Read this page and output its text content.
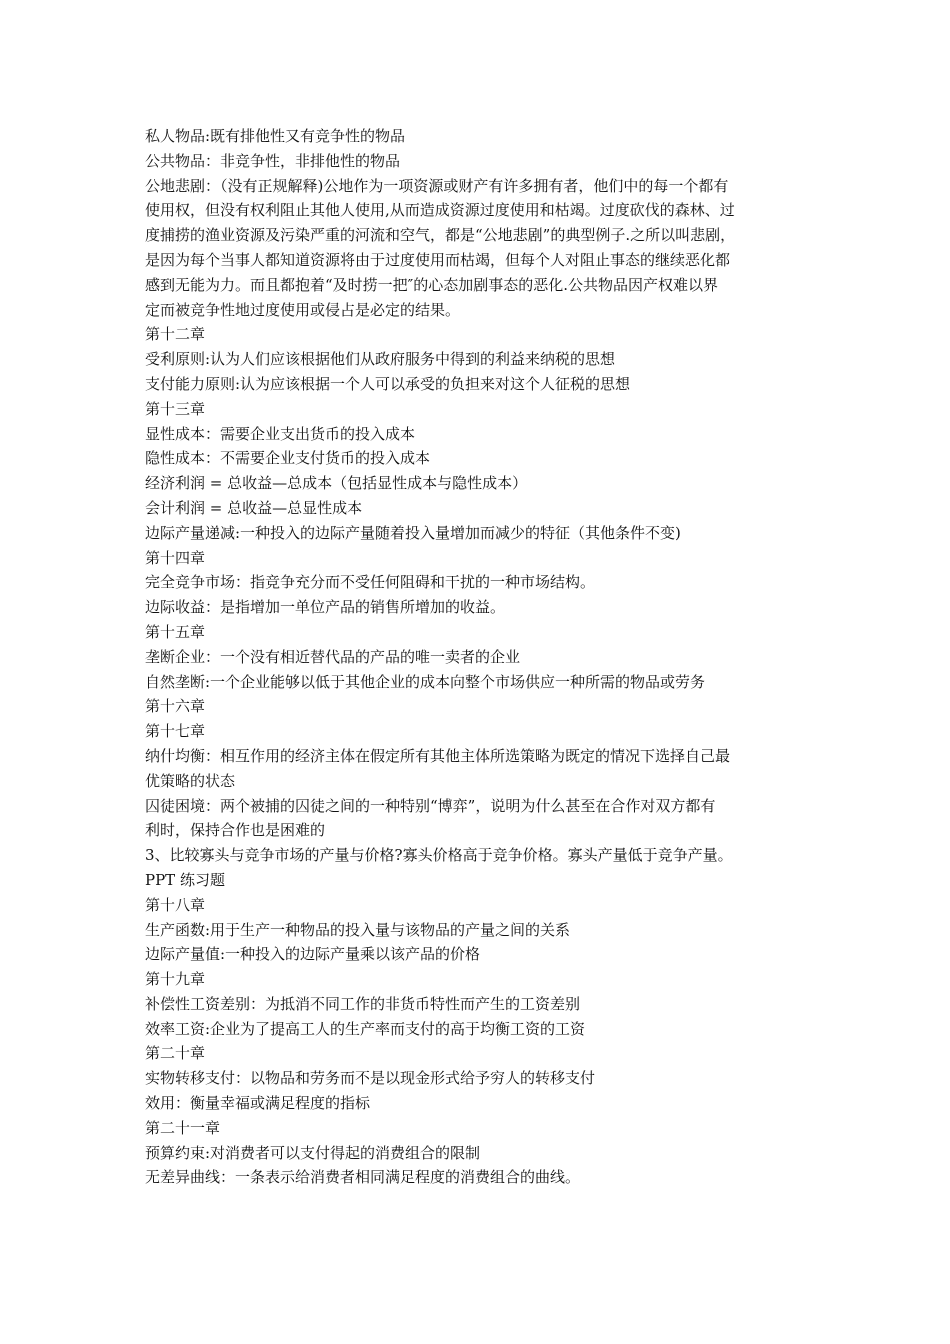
私人物品:既有排他性又有竞争性的物品
公共物品：非竞争性，非排他性的物品
公地悲剧：（没有正规解释)公地作为一项资源或财产有许多拥有者，他们中的每一个都有
使用权，但没有权利阻止其他人使用,从而造成资源过度使用和枯竭。过度砍伐的森林、过
度捕捞的渔业资源及污染严重的河流和空气，都是“公地悲剧”的典型例子.之所以叫悲剧，
是因为每个当事人都知道资源将由于过度使用而枯竭，但每个人对阻止事态的继续恶化都
感到无能为力。而且都抱着“及时捞一把″的心态加剧事态的恶化.公共物品因产权难以界
定而被竞争性地过度使用或侵占是必定的结果。
第十二章
受利原则:认为人们应该根据他们从政府服务中得到的利益来纳税的思想
支付能力原则:认为应该根据一个人可以承受的负担来对这个人征税的思想
第十三章
显性成本：需要企业支出货币的投入成本
隐性成本：不需要企业支付货币的投入成本
经济利润 = 总收益—总成本（包括显性成本与隐性成本）
会计利润 = 总收益—总显性成本
边际产量递减:一种投入的边际产量随着投入量增加而减少的特征（其他条件不变)
第十四章
完全竞争市场：指竞争充分而不受任何阻碍和干扰的一种市场结构。
边际收益：是指增加一单位产品的销售所增加的收益。
第十五章
垄断企业：一个没有相近替代品的产品的唯一卖者的企业
自然垄断:一个企业能够以低于其他企业的成本向整个市场供应一种所需的物品或劳务
第十六章
第十七章
纳什均衡：相互作用的经济主体在假定所有其他主体所选策略为既定的情况下选择自己最
优策略的状态
囚徒困境：两个被捕的囚徒之间的一种特别“博弈”，说明为什么甚至在合作对双方都有
利时，保持合作也是困难的
3、比较寡头与竞争市场的产量与价格?寡头价格高于竞争价格。寡头产量低于竞争产量。
PPT 练习题
第十八章
生产函数:用于生产一种物品的投入量与该物品的产量之间的关系
边际产量值:一种投入的边际产量乘以该产品的价格
第十九章
补偿性工资差别：为抵消不同工作的非货币特性而产生的工资差别
效率工资:企业为了提高工人的生产率而支付的高于均衡工资的工资
第二十章
实物转移支付：以物品和劳务而不是以现金形式给予穷人的转移支付
效用：衡量幸福或满足程度的指标
第二十一章
预算约束:对消费者可以支付得起的消费组合的限制
无差异曲线：一条表示给消费者相同满足程度的消费组合的曲线。
